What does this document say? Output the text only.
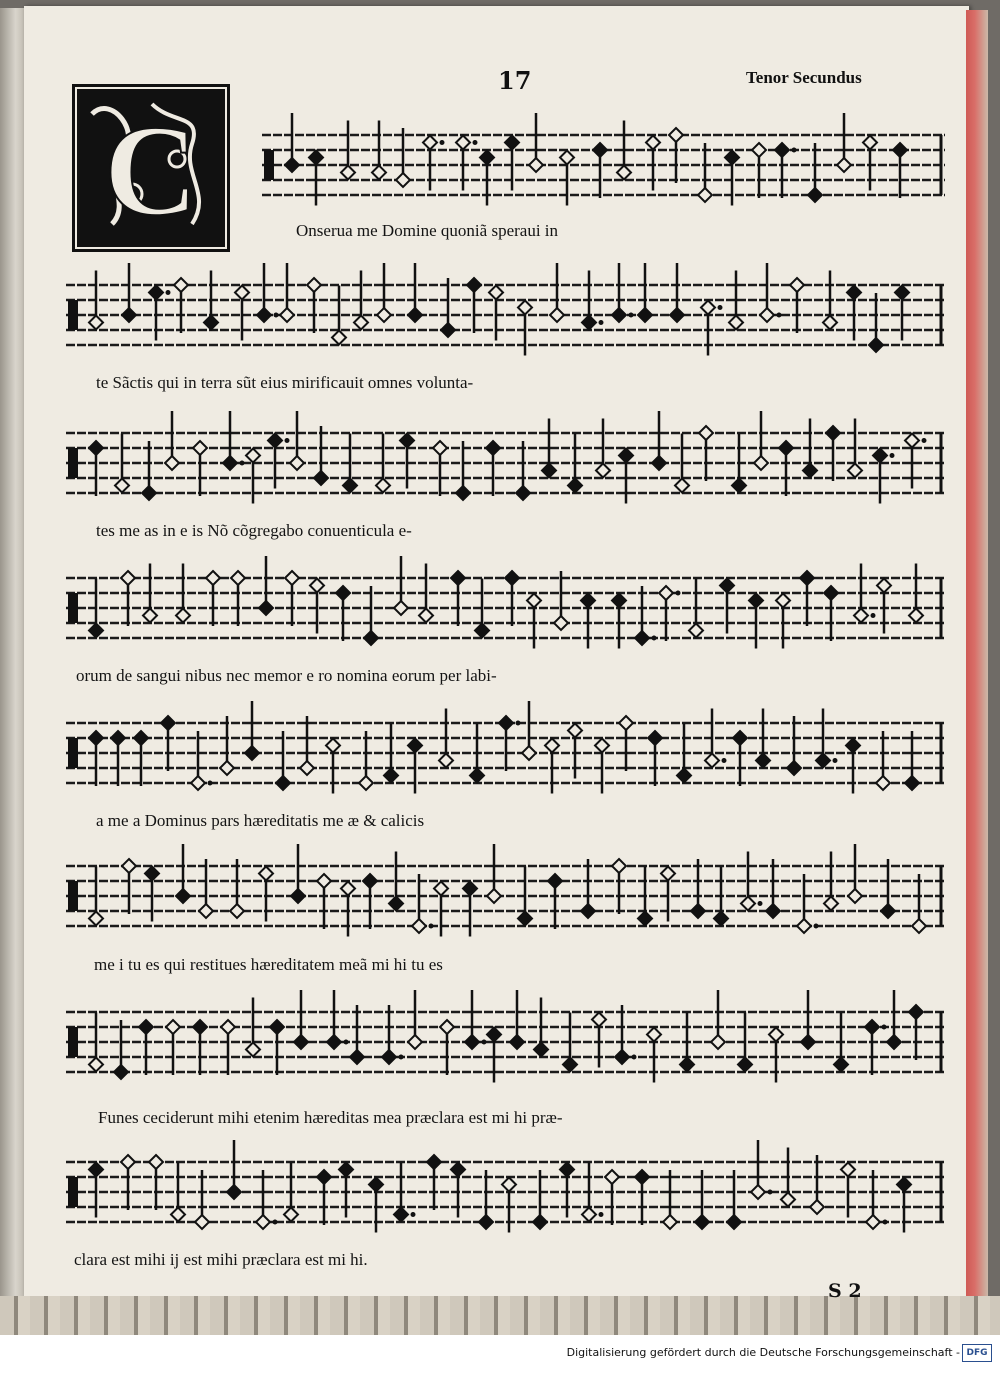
17	Tenor Secundus
C	Onserua me Domine quoniã speraui in
te Sãctis qui in terra sũt eius mirificauit omnes volunta-
tes me as in e is Nõ cõgregabo conuenticula e-
orum de sangui nibus nec memor e ro nomina eorum per labi-
a me a Dominus pars hæreditatis me æ & calicis
me i tu es qui restitues hæreditatem meã mi hi tu es
Funes ceciderunt mihi etenim hæreditas mea præclara est mi hi præ-
clara est mihi ij est mihi præclara est mi hi.
S 2
Digitalisierung gefördert durch die Deutsche Forschungsgemeinschaft - DFG
